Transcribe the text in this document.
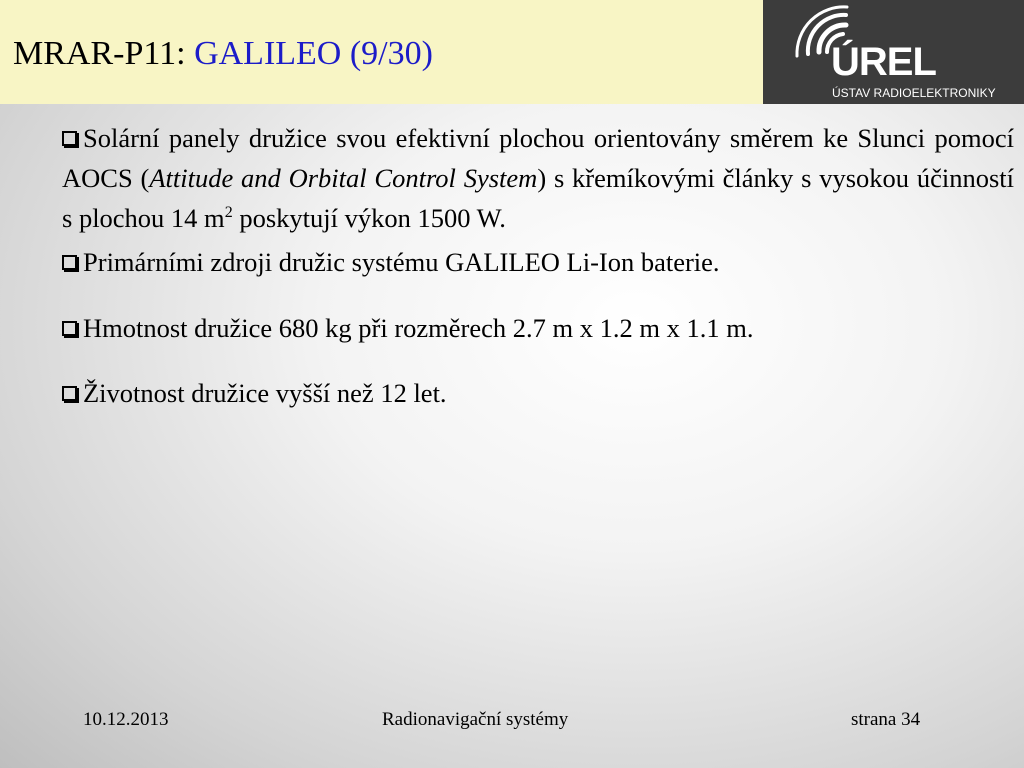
MRAR-P11: GALILEO (9/30)	ÚREL
ÚSTAV RADIOELEKTRONIKY

Solární panely družice svou efektivní plochou orientovány směrem ke Slunci pomocí AOCS (Attitude and Orbital Control System) s křemíkovými články s vysokou účinností s plochou 14 $m^2$ poskytují výkon 1500 W.

Primárními zdroji družic systému GALILEO Li-Ion baterie.

Hmotnost družice 680 kg při rozměrech 2.7 m x 1.2 m x 1.1 m.

Životnost družice vyšší než 12 let.

10.12.2013	Radionavigační systémy	strana 34
